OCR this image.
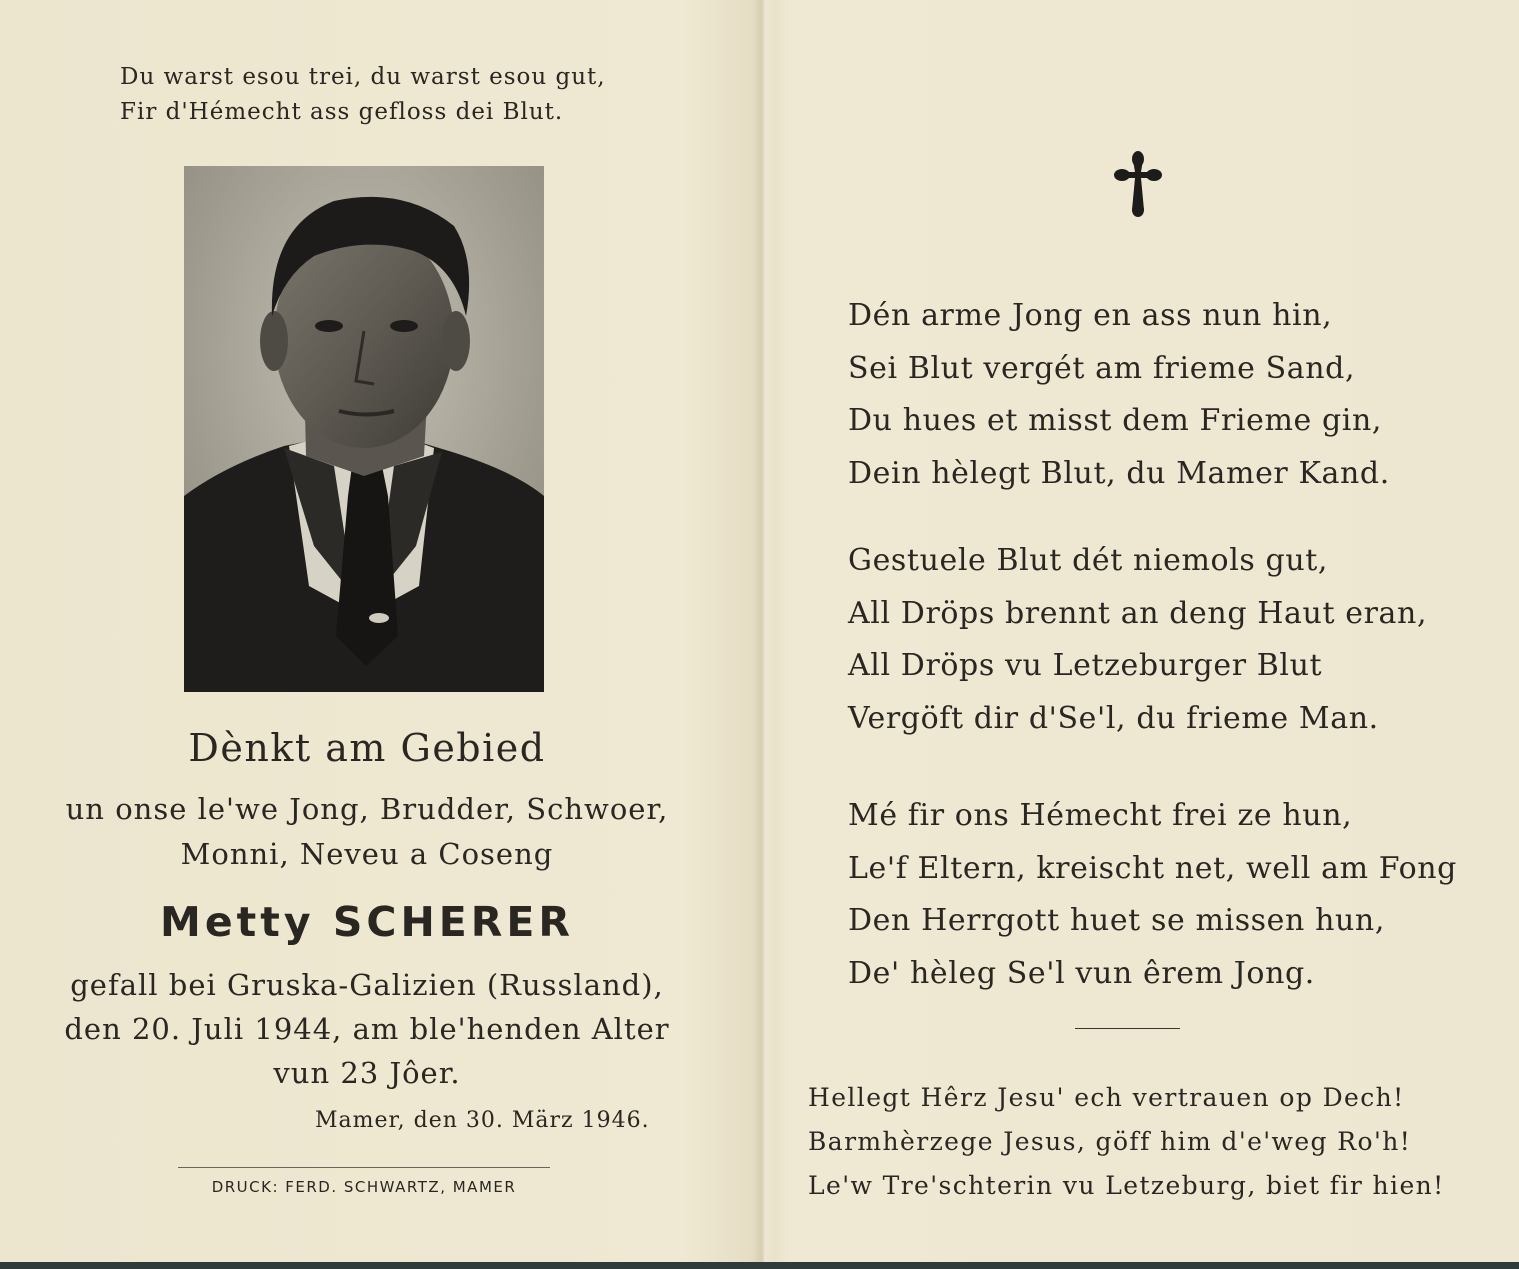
Du warst esou trei, du warst esou gut,
Fir d'Hémecht ass gefloss dei Blut.
Dènkt am Gebied
un onse le'we Jong, Brudder, Schwoer,
Monni, Neveu a Coseng
Metty SCHERER
gefall bei Gruska-Galizien (Russland),
den 20. Juli 1944, am ble'henden Alter
vun 23 Jôer.
Mamer, den 30. März 1946.
DRUCK: FERD. SCHWARTZ, MAMER
Dén arme Jong en ass nun hin,
Sei Blut vergét am frieme Sand,
Du hues et misst dem Frieme gin,
Dein hèlegt Blut, du Mamer Kand.
Gestuele Blut dét niemols gut,
All Dröps brennt an deng Haut eran,
All Dröps vu Letzeburger Blut
Vergöft dir d'Se'l, du frieme Man.
Mé fir ons Hémecht frei ze hun,
Le'f Eltern, kreischt net, well am Fong
Den Herrgott huet se missen hun,
De' hèleg Se'l vun êrem Jong.
Hellegt Hêrz Jesu' ech vertrauen op Dech!
Barmhèrzege Jesus, göff him d'e'weg Ro'h!
Le'w Tre'schterin vu Letzeburg, biet fir hien!
